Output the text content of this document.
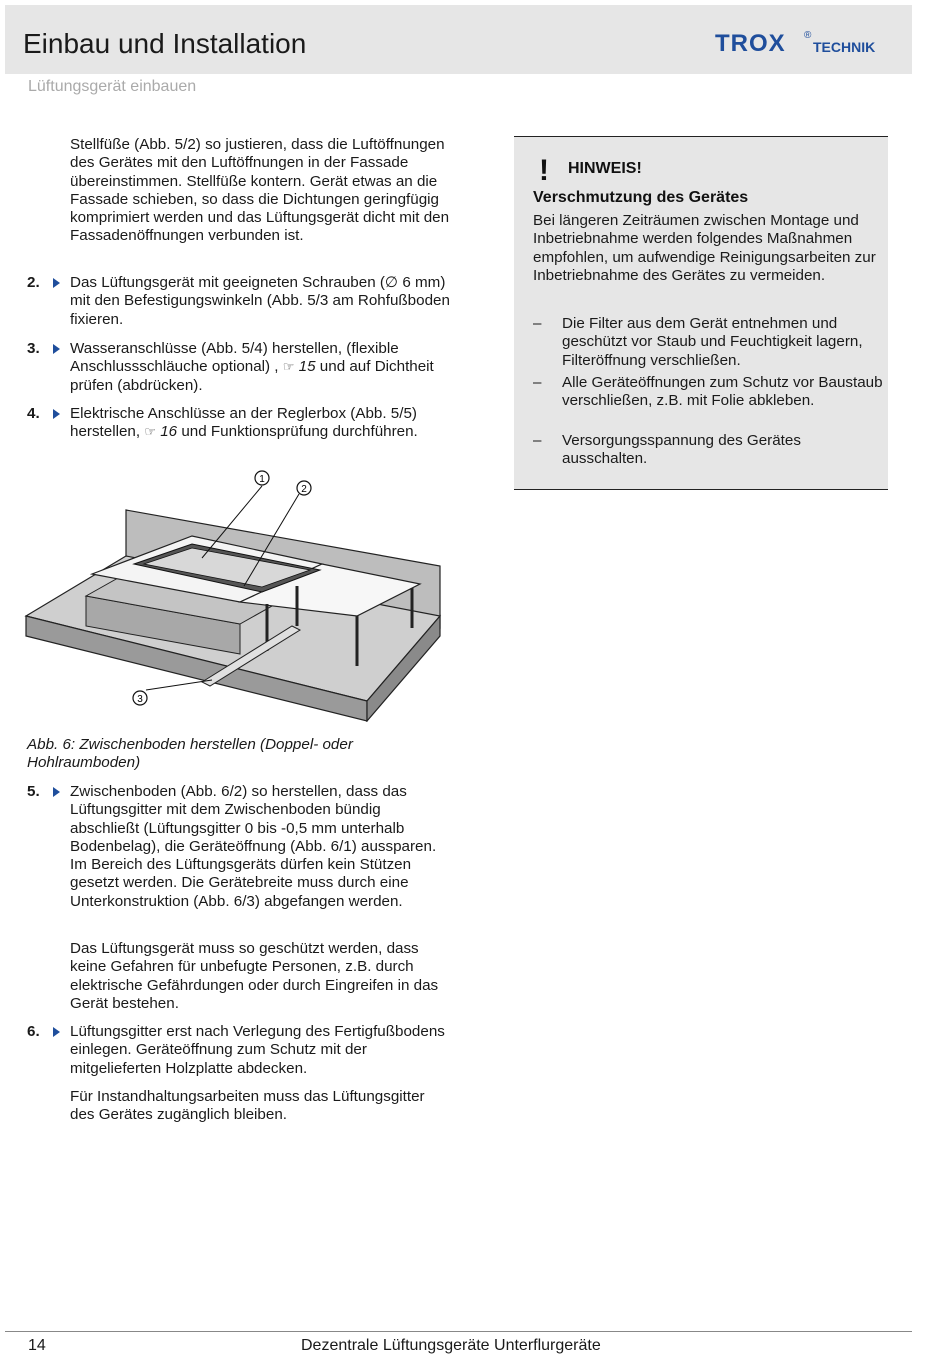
Einbau und Installation
Lüftungsgerät einbauen
TROX ®
TECHNIK
Stellfüße (Abb. 5/2) so justieren, dass die Luftöffnungen des Gerätes mit den Luftöffnungen in der Fassade übereinstimmen. Stellfüße kontern. Gerät etwas an die Fassade schieben, so dass die Dichtungen geringfügig komprimiert werden und das Lüftungsgerät dicht mit den Fassadenöffnungen verbunden ist.
2. Das Lüftungsgerät mit geeigneten Schrauben (∅ 6 mm) mit den Befestigungswinkeln (Abb. 5/3 am Rohfußboden fixieren.
3. Wasseranschlüsse (Abb. 5/4) herstellen, (flexible Anschlussschläuche optional) , ☞ 15 und auf Dichtheit prüfen (abdrücken).
4. Elektrische Anschlüsse an der Reglerbox (Abb. 5/5) herstellen, ☞ 16 und Funktionsprüfung durchführen.
! HINWEIS!
Verschmutzung des Gerätes
Bei längeren Zeiträumen zwischen Montage und Inbetriebnahme werden folgendes Maßnahmen empfohlen, um aufwendige Reinigungsarbeiten zur Inbetriebnahme des Gerätes zu vermeiden.
– Die Filter aus dem Gerät entnehmen und geschützt vor Staub und Feuchtigkeit lagern, Filteröffnung verschließen.
– Alle Geräteöffnungen zum Schutz vor Baustaub verschließen, z.B. mit Folie abkleben.
– Versorgungsspannung des Gerätes ausschalten.
1
2
3
Abb. 6: Zwischenboden herstellen (Doppel- oder Hohlraumboden)
5. Zwischenboden (Abb. 6/2) so herstellen, dass das Lüftungsgitter mit dem Zwischenboden bündig abschließt (Lüftungsgitter 0 bis -0,5 mm unterhalb Bodenbelag), die Geräteöffnung (Abb. 6/1) aussparen. Im Bereich des Lüftungsgeräts dürfen kein Stützen gesetzt werden. Die Gerätebreite muss durch eine Unterkonstruktion (Abb. 6/3) abgefangen werden.
Das Lüftungsgerät muss so geschützt werden, dass keine Gefahren für unbefugte Personen, z.B. durch elektrische Gefährdungen oder durch Eingreifen in das Gerät bestehen.
6. Lüftungsgitter erst nach Verlegung des Fertigfußbodens einlegen. Geräteöffnung zum Schutz mit der mitgelieferten Holzplatte abdecken.
Für Instandhaltungsarbeiten muss das Lüftungsgitter des Gerätes zugänglich bleiben.
14	Dezentrale Lüftungsgeräte Unterflurgeräte
